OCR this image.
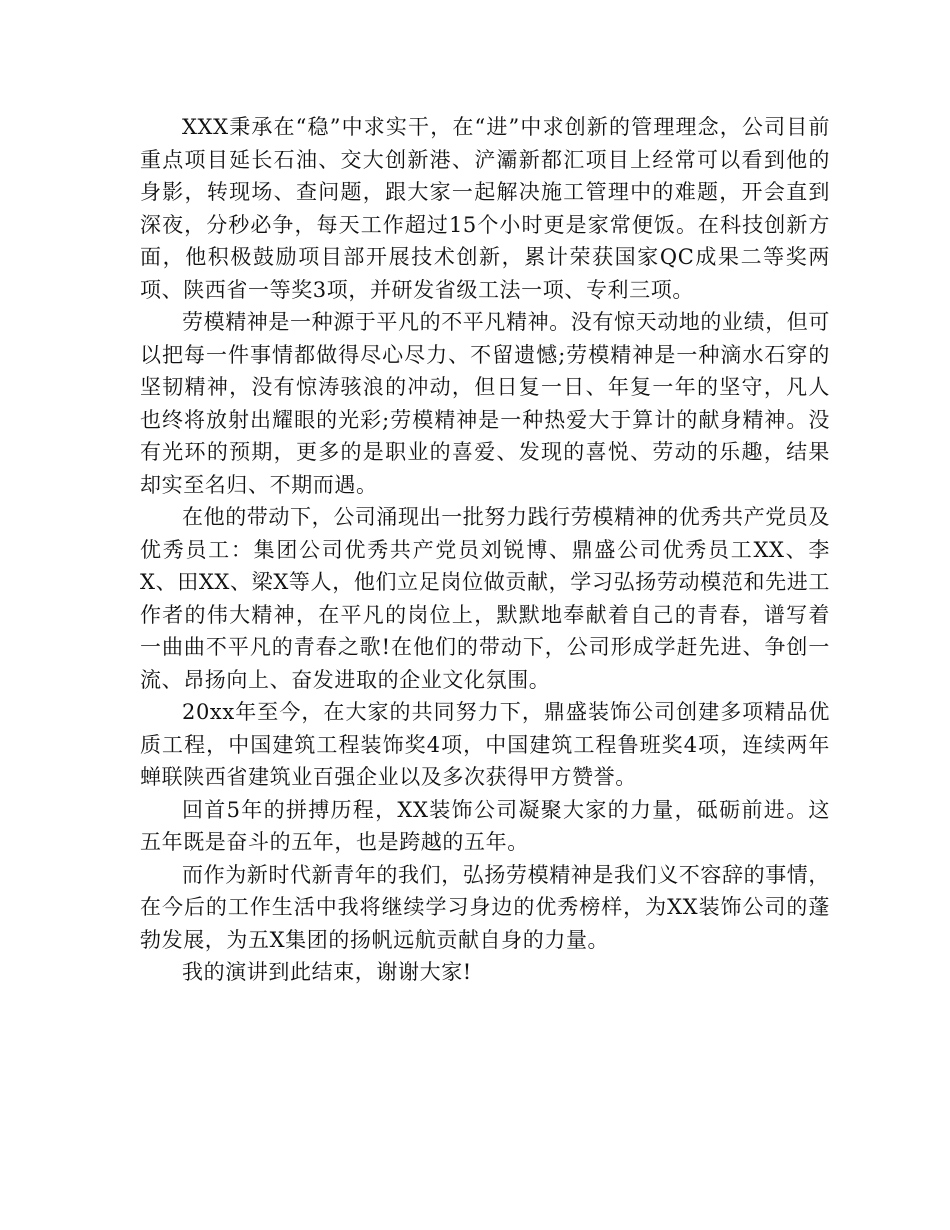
XXX秉承在“稳”中求实干，在“进”中求创新的管理理念，公司目前重点项目延长石油、交大创新港、浐灞新都汇项目上经常可以看到他的身影，转现场、查问题，跟大家一起解决施工管理中的难题，开会直到深夜，分秒必争，每天工作超过15个小时更是家常便饭。在科技创新方面，他积极鼓励项目部开展技术创新，累计荣获国家QC成果二等奖两项、陕西省一等奖3项，并研发省级工法一项、专利三项。

劳模精神是一种源于平凡的不平凡精神。没有惊天动地的业绩，但可以把每一件事情都做得尽心尽力、不留遗憾;劳模精神是一种滴水石穿的坚韧精神，没有惊涛骇浪的冲动，但日复一日、年复一年的坚守，凡人也终将放射出耀眼的光彩;劳模精神是一种热爱大于算计的献身精神。没有光环的预期，更多的是职业的喜爱、发现的喜悦、劳动的乐趣，结果却实至名归、不期而遇。

在他的带动下，公司涌现出一批努力践行劳模精神的优秀共产党员及优秀员工：集团公司优秀共产党员刘锐博、鼎盛公司优秀员工XX、李X、田XX、梁X等人，他们立足岗位做贡献，学习弘扬劳动模范和先进工作者的伟大精神，在平凡的岗位上，默默地奉献着自己的青春，谱写着一曲曲不平凡的青春之歌!在他们的带动下，公司形成学赶先进、争创一流、昂扬向上、奋发进取的企业文化氛围。

20xx年至今，在大家的共同努力下，鼎盛装饰公司创建多项精品优质工程，中国建筑工程装饰奖4项，中国建筑工程鲁班奖4项，连续两年蝉联陕西省建筑业百强企业以及多次获得甲方赞誉。

回首5年的拼搏历程，XX装饰公司凝聚大家的力量，砥砺前进。这五年既是奋斗的五年，也是跨越的五年。

而作为新时代新青年的我们，弘扬劳模精神是我们义不容辞的事情，在今后的工作生活中我将继续学习身边的优秀榜样，为XX装饰公司的蓬勃发展，为五X集团的扬帆远航贡献自身的力量。

我的演讲到此结束，谢谢大家!
